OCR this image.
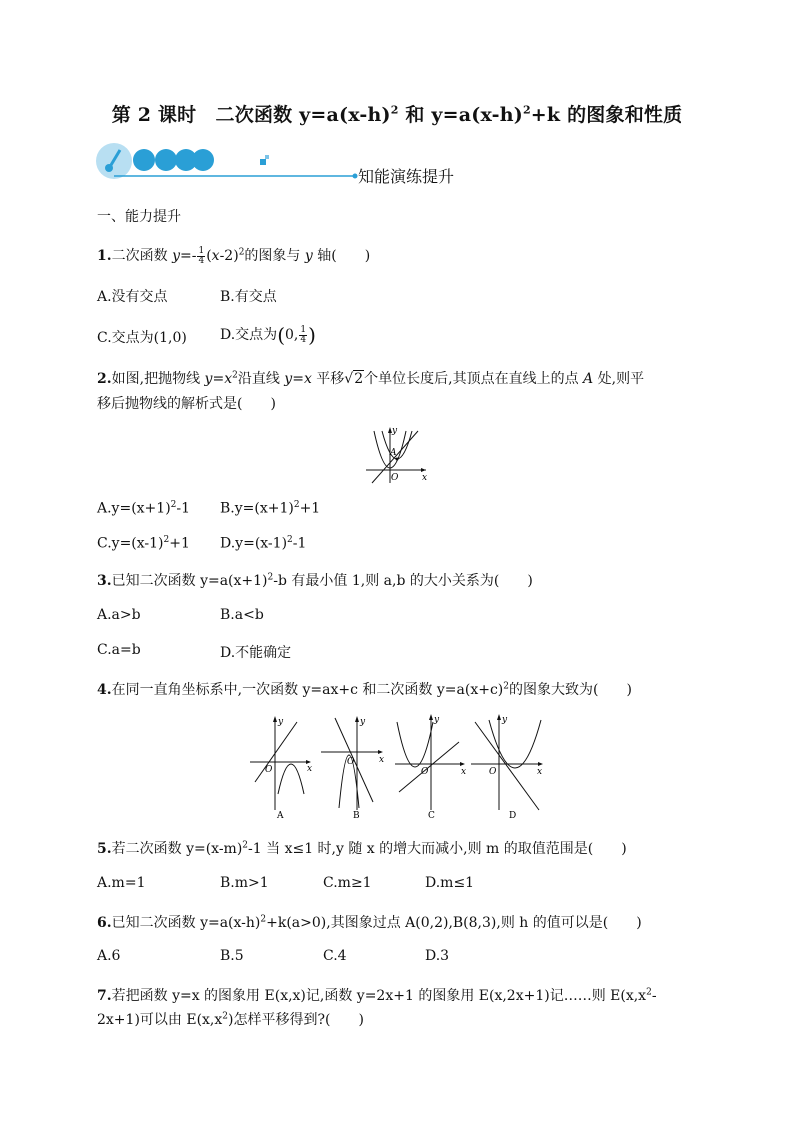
第 2 课时　二次函数 $y=a(x-h)^2$ 和 $y=a(x-h)^2+k$ 的图象和性质
知能演练提升
一、能力提升
1.二次函数 $y=- \frac{1}{4} (x-2)^2$的图象与 y 轴(　　)
A.没有交点	B.有交点
C.交点为(1,0) D.交点为(0, $\frac{1}{4}$ )
2.如图,把抛物线 $y=x^2$沿直线 y=x 平移√2个单位长度后,其顶点在直线上的点 A 处,则平
移后抛物线的解析式是(　　)
y
A
O	x
$A.y=(x+1)^2-1$ $B.y=(x+1)^2+1$
$C.y=(x-1)^2+1$ $D.y=(x-1)^2-1$
3.已知二次函数 $y=a(x+1)^2-b$ 有最小值 1,则 a,b 的大小关系为(　　)
A.a>b	B.a<b
C.a=b	D.不能确定
4.在同一直角坐标系中,一次函数 y=ax+c 和二次函数 $y=a(x+c)^2$的图象大致为(　　)
y
x
O
A
y
x
O
B
y
x
O
C
y
x
O
D
5.若二次函数 $y=(x-m)^2-1$ 当 x≤1 时,y 随 x 的增大而减小,则 m 的取值范围是(　　)
A.m=1	B.m>1	C.m≥1	D.m≤1
6.已知二次函数 $y=a(x-h)^2+k(a>0)$,其图象过点 A(0,2),B(8,3),则 h 的值可以是(　　)
A.6	B.5	C.4	D.3
7.若把函数 y=x 的图象用 E(x,x)记,函数 y=2x+1 的图象用 E(x,2x+1)记……则 $E(x,x^2-$
2x+1)可以由 $E(x,x^2)$怎样平移得到?(　　)
